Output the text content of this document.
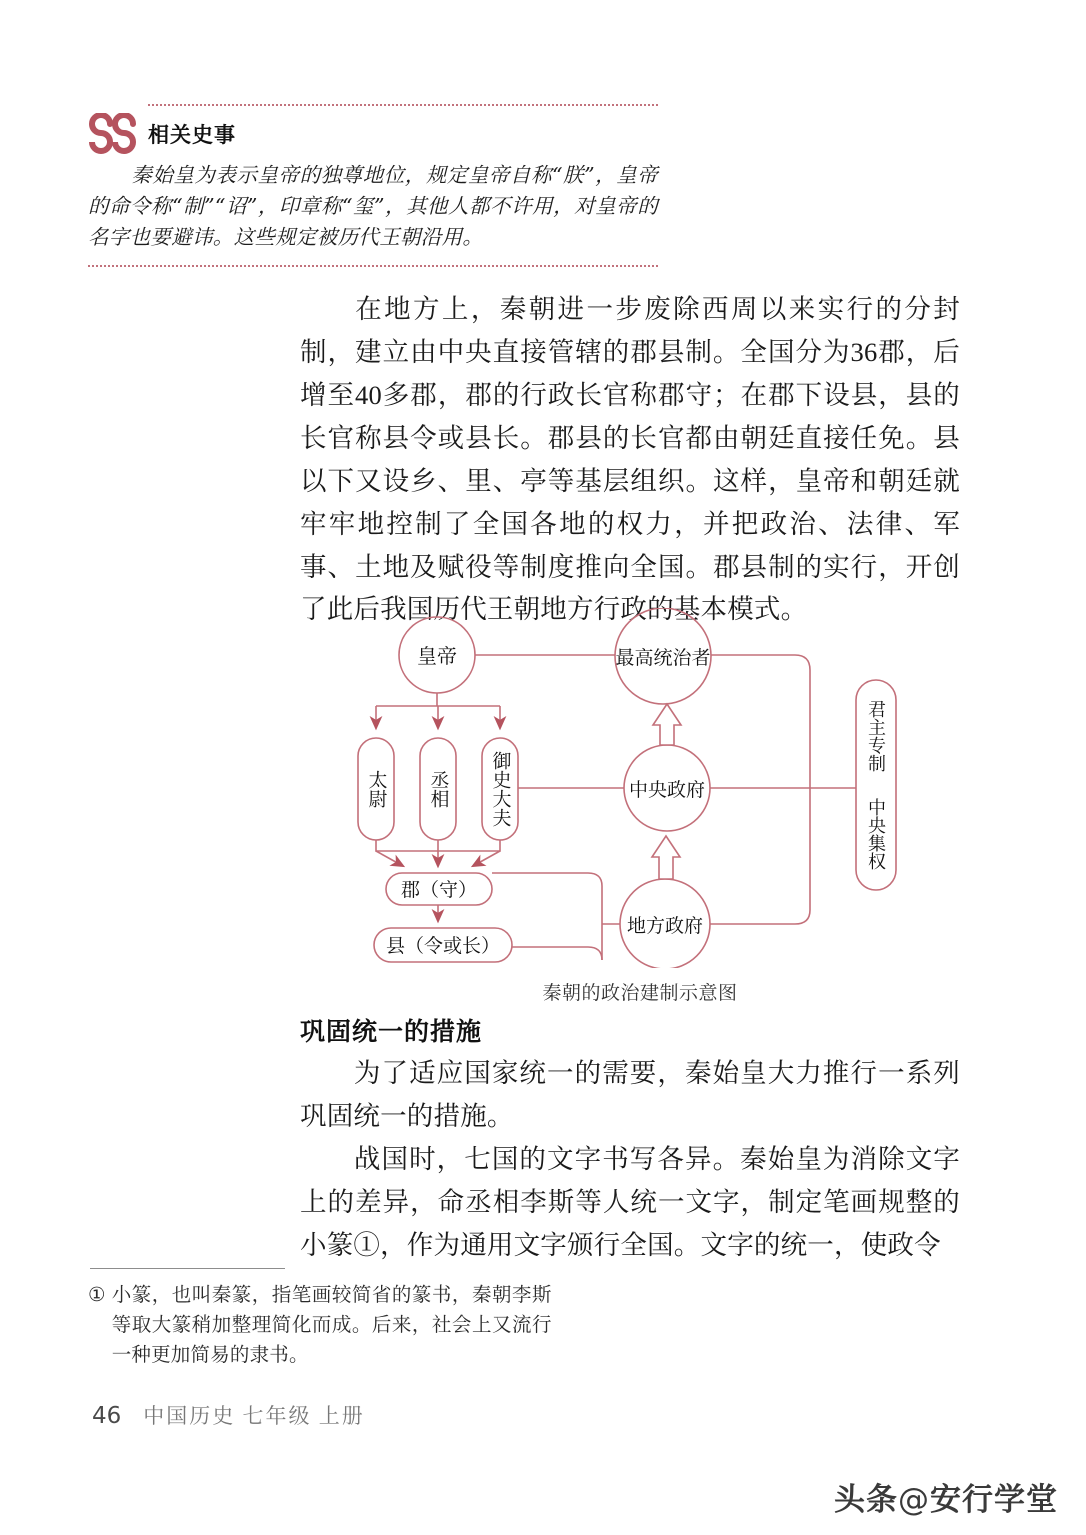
相关史事
秦始皇为表示皇帝的独尊地位，规定皇帝自称“朕”，皇帝的命令称“制”“诏”，印章称“玺”，其他人都不许用，对皇帝的名字也要避讳。这些规定被历代王朝沿用。

在地方上，秦朝进一步废除西周以来实行的分封制，建立由中央直接管辖的郡县制。全国分为36郡，后增至40多郡，郡的行政长官称郡守；在郡下设县，县的长官称县令或县长。郡县的长官都由朝廷直接任免。县以下又设乡、里、亭等基层组织。这样，皇帝和朝廷就牢牢地控制了全国各地的权力，并把政治、法律、军事、土地及赋役等制度推向全国。郡县制的实行，开创了此后我国历代王朝地方行政的基本模式。

皇帝	最高统治者
中央政府
地方政府
太尉 丞相 御史大夫
郡（守）
县（令或长）
君主专制
中央集权
秦朝的政治建制示意图
巩固统一的措施

为了适应国家统一的需要，秦始皇大力推行一系列巩固统一的措施。

战国时，七国的文字书写各异。秦始皇为消除文字上的差异，命丞相李斯等人统一文字，制定笔画规整的小篆①，作为通用文字颁行全国。文字的统一，使政令

① 小篆，也叫秦篆，指笔画较简省的篆书，秦朝李斯等取大篆稍加整理简化而成。后来，社会上又流行一种更加简易的隶书。
46 中国历史 七年级 上册
头条@安行学堂
